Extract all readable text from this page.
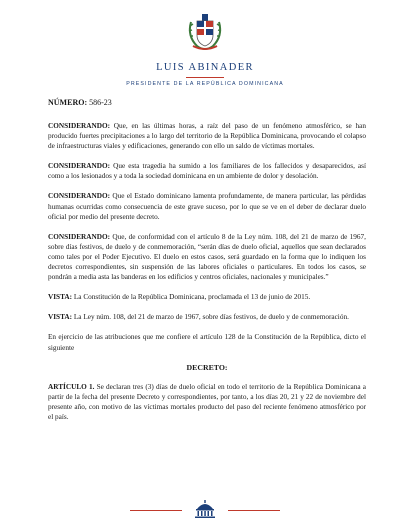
LUIS ABINADER
PRESIDENTE DE LA REPÚBLICA DOMINICANA
NÚMERO: 586-23

CONSIDERANDO: Que, en las últimas horas, a raíz del paso de un fenómeno atmosférico, se han producido fuertes precipitaciones a lo largo del territorio de la República Dominicana, provocando el colapso de infraestructuras viales y edificaciones, generando con ello un saldo de víctimas mortales.

CONSIDERANDO: Que esta tragedia ha sumido a los familiares de los fallecidos y desaparecidos, así como a los lesionados y a toda la sociedad dominicana en un ambiente de dolor y desolación.

CONSIDERANDO: Que el Estado dominicano lamenta profundamente, de manera particular, las pérdidas humanas ocurridas como consecuencia de este grave suceso, por lo que se ve en el deber de declarar duelo oficial por medio del presente decreto.

CONSIDERANDO: Que, de conformidad con el artículo 8 de la Ley núm. 108, del 21 de marzo de 1967, sobre días festivos, de duelo y de conmemoración, “serán días de duelo oficial, aquellos que sean declarados como tales por el Poder Ejecutivo. El duelo en estos casos, será guardado en la forma que lo indiquen los decretos correspondientes, sin suspensión de las labores oficiales o particulares. En todos los casos, se pondrán a media asta las banderas en los edificios y centros oficiales, nacionales y municipales.”

VISTA: La Constitución de la República Dominicana, proclamada el 13 de junio de 2015.

VISTA: La Ley núm. 108, del 21 de marzo de 1967, sobre días festivos, de duelo y de conmemoración.

En ejercicio de las atribuciones que me confiere el artículo 128 de la Constitución de la República, dicto el siguiente

DECRETO:

ARTÍCULO 1. Se declaran tres (3) días de duelo oficial en todo el territorio de la República Dominicana a partir de la fecha del presente Decreto y correspondientes, por tanto, a los días 20, 21 y 22 de noviembre del presente año, con motivo de las víctimas mortales producto del paso del reciente fenómeno atmosférico por el país.
